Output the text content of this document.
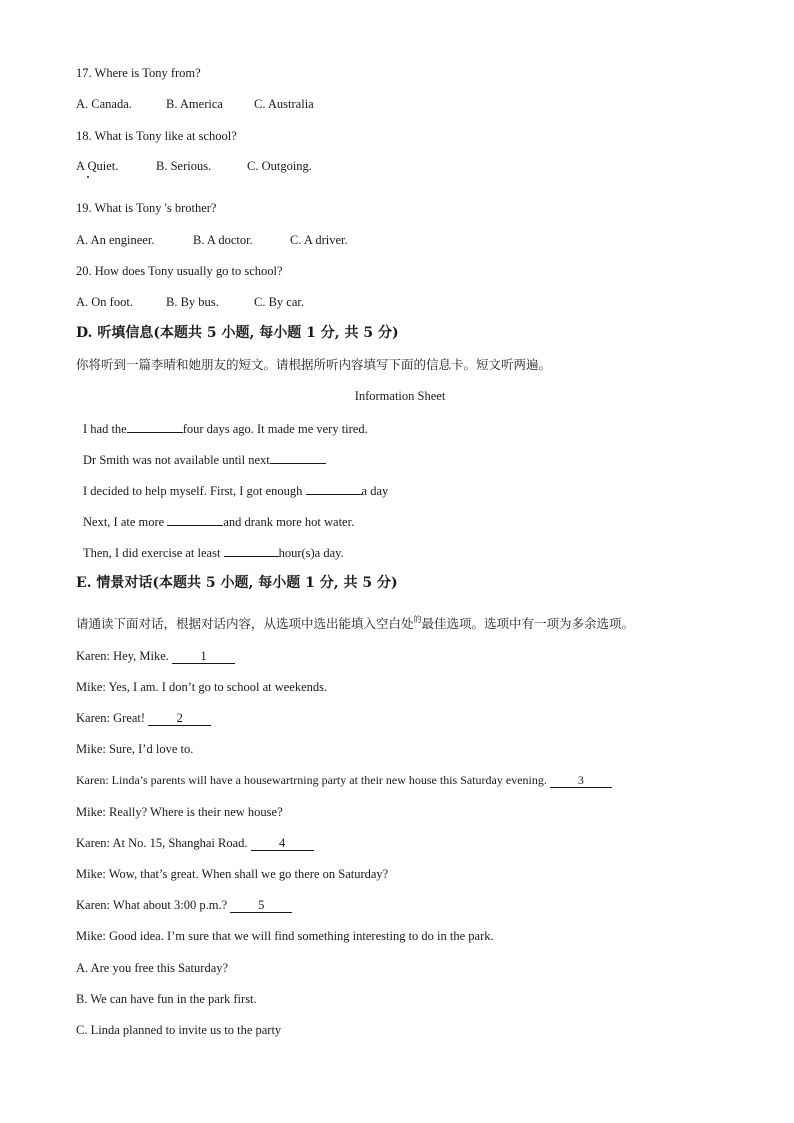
17. Where is Tony from?
A. Canada.	B. America C. Australia
18. What is Tony like at school?
A Quiet.	B. Serious.	C. Outgoing.
19. What is Tony 's brother?
A. An engineer.	B. A doctor.	C. A driver.
20. How does Tony usually go to school?
A. On foot.	B. By bus.	C. By car.
D. 听填信息(本题共 5 小题, 每小题 1 分, 共 5 分)
你将听到一篇李晴和她朋友的短文。请根据所听内容填写下面的信息卡。短文听两遍。
Information Sheet
I had the	four days ago. It made me very tired.
Dr Smith was not available until next
I decided to help myself. First, I got enough	a day
Next, I ate more	and drank more hot water.
Then, I did exercise at least	hour(s)a day.
E. 情景对话(本题共 5 小题, 每小题 1 分, 共 5 分)
请通读下面对话，根据对话内容，从选项中选出能填入空白处$^的$最佳选项。选项中有一项为多余选项。
Karen: Hey, Mike. 1
Mike: Yes, I am. I don’t go to school at weekends.
Karen: Great! 2
Mike: Sure, I’d love to.
Karen: Linda’s parents will have a housewartrning party at their new house this Saturday evening. 3
Mike: Really? Where is their new house?
Karen: At No. 15, Shanghai Road. 4
Mike: Wow, that’s great. When shall we go there on Saturday?
Karen: What about 3:00 p.m.? 5
Mike: Good idea. I’m sure that we will find something interesting to do in the park.
A. Are you free this Saturday?
B. We can have fun in the park first.
C. Linda planned to invite us to the party
